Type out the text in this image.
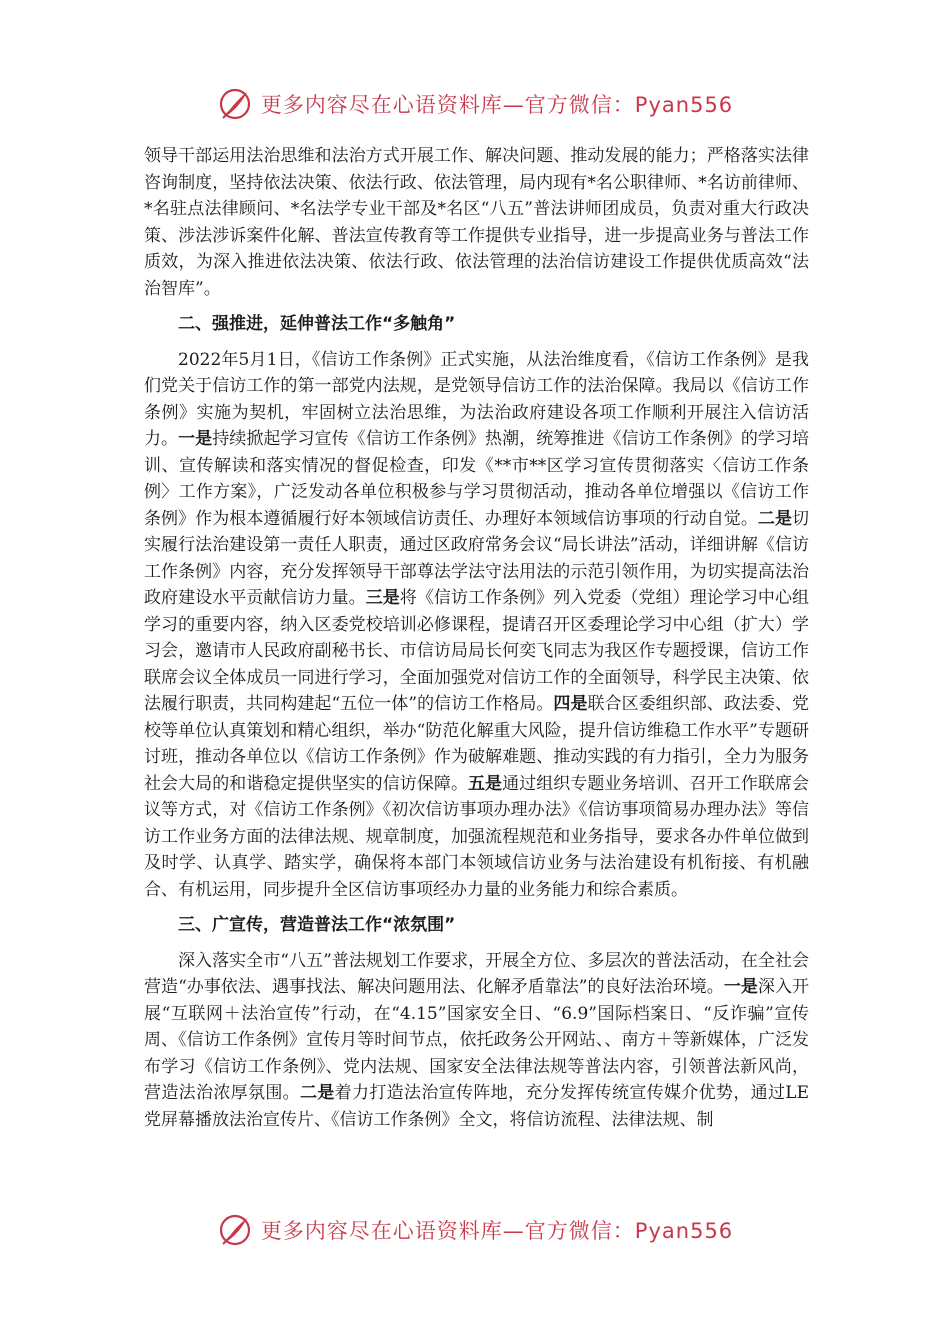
更多内容尽在心语资料库—官方微信：Pyan556

领导干部运用法治思维和法治方式开展工作、解决问题、推动发展的能力；严格落实法律咨询制度，坚持依法决策、依法行政、依法管理，局内现有*名公职律师、*名访前律师、*名驻点法律顾问、*名法学专业干部及*名区“八五”普法讲师团成员，负责对重大行政决策、涉法涉诉案件化解、普法宣传教育等工作提供专业指导，进一步提高业务与普法工作质效，为深入推进依法决策、依法行政、依法管理的法治信访建设工作提供优质高效“法治智库”。

二、强推进，延伸普法工作“多触角”

2022年5月1日，《信访工作条例》正式实施，从法治维度看，《信访工作条例》是我们党关于信访工作的第一部党内法规，是党领导信访工作的法治保障。我局以《信访工作条例》实施为契机，牢固树立法治思维，为法治政府建设各项工作顺利开展注入信访活力。一是持续掀起学习宣传《信访工作条例》热潮，统筹推进《信访工作条例》的学习培训、宣传解读和落实情况的督促检查，印发《**市**区学习宣传贯彻落实〈信访工作条例〉工作方案》，广泛发动各单位积极参与学习贯彻活动，推动各单位增强以《信访工作条例》作为根本遵循履行好本领域信访责任、办理好本领域信访事项的行动自觉。二是切实履行法治建设第一责任人职责，通过区政府常务会议“局长讲法”活动，详细讲解《信访工作条例》内容，充分发挥领导干部尊法学法守法用法的示范引领作用，为切实提高法治政府建设水平贡献信访力量。三是将《信访工作条例》列入党委（党组）理论学习中心组学习的重要内容，纳入区委党校培训必修课程，提请召开区委理论学习中心组（扩大）学习会，邀请市人民政府副秘书长、市信访局局长何奕飞同志为我区作专题授课，信访工作联席会议全体成员一同进行学习，全面加强党对信访工作的全面领导，科学民主决策、依法履行职责，共同构建起“五位一体”的信访工作格局。四是联合区委组织部、政法委、党校等单位认真策划和精心组织，举办“防范化解重大风险，提升信访维稳工作水平”专题研讨班，推动各单位以《信访工作条例》作为破解难题、推动实践的有力指引，全力为服务社会大局的和谐稳定提供坚实的信访保障。五是通过组织专题业务培训、召开工作联席会议等方式，对《信访工作条例》《初次信访事项办理办法》《信访事项简易办理办法》等信访工作业务方面的法律法规、规章制度，加强流程规范和业务指导，要求各办件单位做到及时学、认真学、踏实学，确保将本部门本领域信访业务与法治建设有机衔接、有机融合、有机运用，同步提升全区信访事项经办力量的业务能力和综合素质。

三、广宣传，营造普法工作“浓氛围”

深入落实全市“八五”普法规划工作要求，开展全方位、多层次的普法活动，在全社会营造“办事依法、遇事找法、解决问题用法、化解矛盾靠法”的良好法治环境。一是深入开展“互联网＋法治宣传”行动，在“4.15”国家安全日、“6.9”国际档案日、“反诈骗”宣传周、《信访工作条例》宣传月等时间节点，依托政务公开网站、、南方＋等新媒体，广泛发布学习《信访工作条例》、党内法规、国家安全法律法规等普法内容，引领普法新风尚，营造法治浓厚氛围。二是着力打造法治宣传阵地，充分发挥传统宣传媒介优势，通过LE党屏幕播放法治宣传片、《信访工作条例》全文，将信访流程、法律法规、制

更多内容尽在心语资料库—官方微信：Pyan556
